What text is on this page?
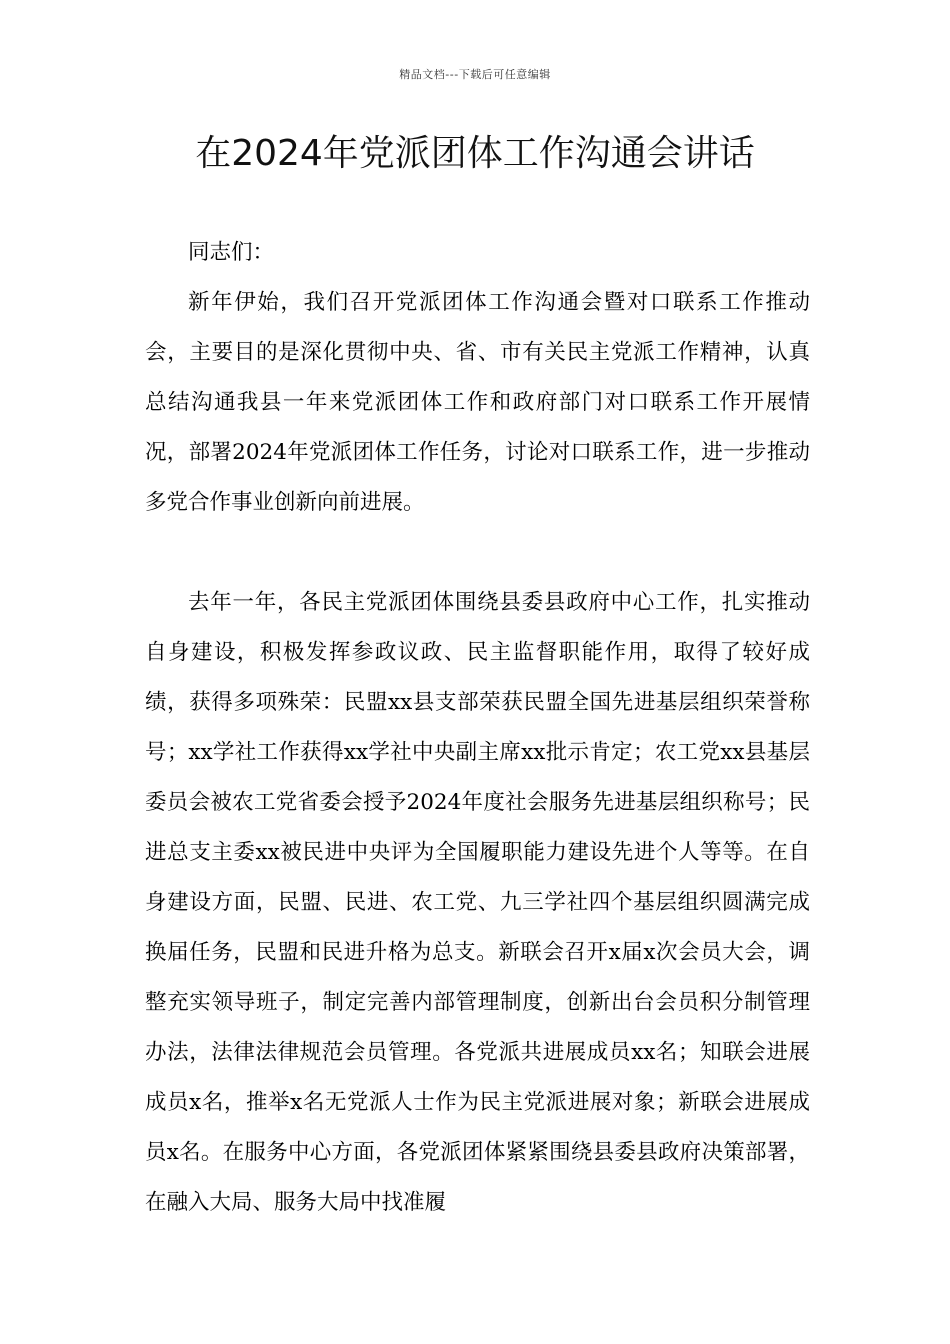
精品文档---下载后可任意编辑
在2024年党派团体工作沟通会讲话

同志们：

新年伊始，我们召开党派团体工作沟通会暨对口联系工作推动会，主要目的是深化贯彻中央、省、市有关民主党派工作精神，认真总结沟通我县一年来党派团体工作和政府部门对口联系工作开展情况，部署2024年党派团体工作任务，讨论对口联系工作，进一步推动多党合作事业创新向前进展。

去年一年，各民主党派团体围绕县委县政府中心工作，扎实推动自身建设，积极发挥参政议政、民主监督职能作用，取得了较好成绩，获得多项殊荣：民盟xx县支部荣获民盟全国先进基层组织荣誉称号；xx学社工作获得xx学社中央副主席xx批示肯定；农工党xx县基层委员会被农工党省委会授予2024年度社会服务先进基层组织称号；民进总支主委xx被民进中央评为全国履职能力建设先进个人等等。在自身建设方面，民盟、民进、农工党、九三学社四个基层组织圆满完成换届任务，民盟和民进升格为总支。新联会召开x届x次会员大会，调整充实领导班子，制定完善内部管理制度，创新出台会员积分制管理办法，法律法律规范会员管理。各党派共进展成员xx名；知联会进展成员x名，推举x名无党派人士作为民主党派进展对象；新联会进展成员x名。在服务中心方面，各党派团体紧紧围绕县委县政府决策部署，在融入大局、服务大局中找准履
